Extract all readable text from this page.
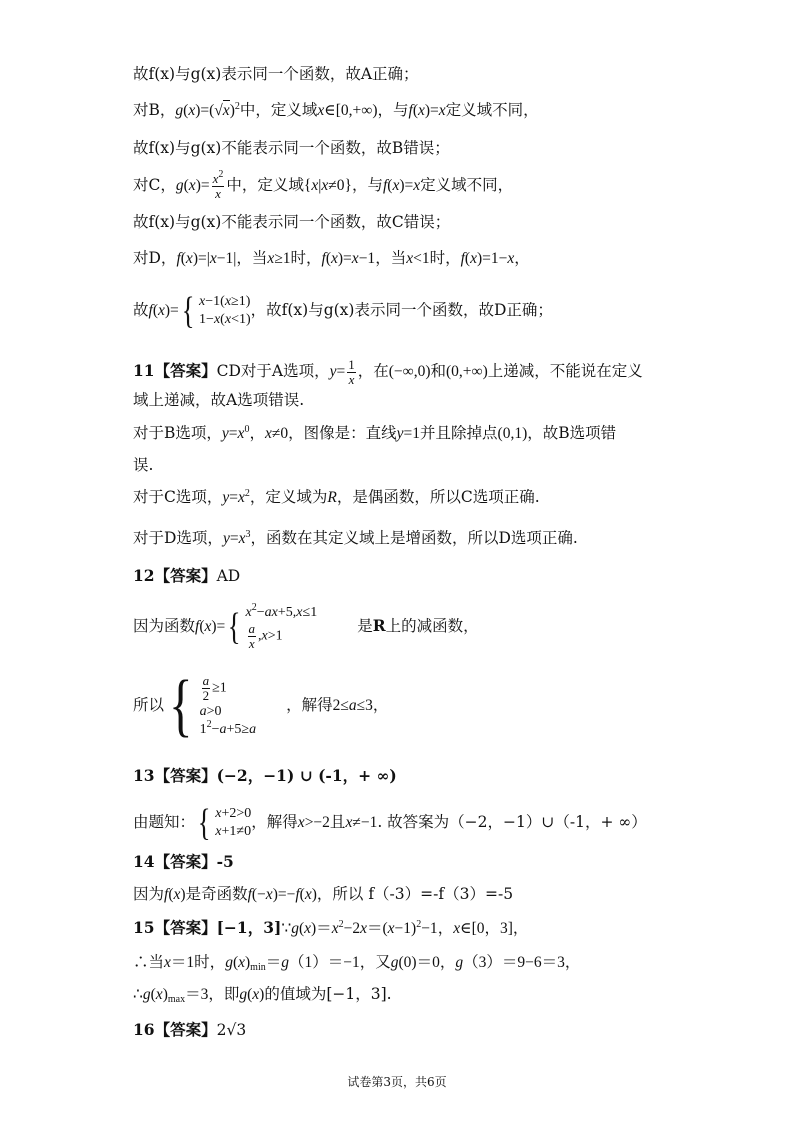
故f(x)与g(x)表示同一个函数，故A正确；
对B，$g(x)=(√x)^2$中，定义域x∈[0,+∞)，与f(x)=x定义域不同，
故f(x)与g(x)不能表示同一个函数，故B错误；
对C，$g(x)= \frac{x^2}{x}$ 中，定义域{x|x≠0}，与f(x)=x定义域不同，
故f(x)与g(x)不能表示同一个函数，故C错误；
对D，f(x)=|x−1|，当x≥1时，f(x)=x−1，当x<1时，f(x)=1−x，
故f(x)= { x−1(x≥1)
1−x(x<1)
，故f(x)与g(x)表示同一个函数，故D正确；
11【答案】CD对于A选项，$y= \frac{1}{x}$ ，在(−∞,0)和(0,+∞)上递减，不能说在定义
域上递减，故A选项错误.
对于B选项，$y=x^0$，x≠0，图像是：直线y=1并且除掉点(0,1)，故B选项错
误.
对于C选项，$y=x^2$，定义域为R，是偶函数，所以C选项正确.
对于D选项，$y=x^3$，函数在其定义域上是增函数，所以D选项正确.
12【答案】AD
因为函数f(x)= { $x^2-ax+5,x\le 1$
$\frac{a}{x} ,x>1$
是R上的减函数，
所以 { $\frac{a}{2} \ge 1$
a>0
$1^2-a+5\ge a$
，解得2≤a≤3，
13【答案】(−2，−1) ∪ (-1，+ ∞)
由题知： { x+2>0
x+1≠0
，解得x>−2且x≠−1. 故答案为（−2，−1）∪（-1，+ ∞）
14【答案】-5
因为f(x)是奇函数f(−x)=−f(x)，所以 f（-3）=-f（3）=-5
15【答案】[−1，$3]\because g(x)=x^2-2x=(x-1)^2-1$，x∈[0，3]，
∴当x＝1时，$g(x)_{min}=g(1)=-1$，又g(0)＝0，g（3）＝9−6＝3，
$\therefore g(x)_{max}=3$，即g(x)的值域为[−1，3].
16【答案】2√3
试卷第3页，共6页
